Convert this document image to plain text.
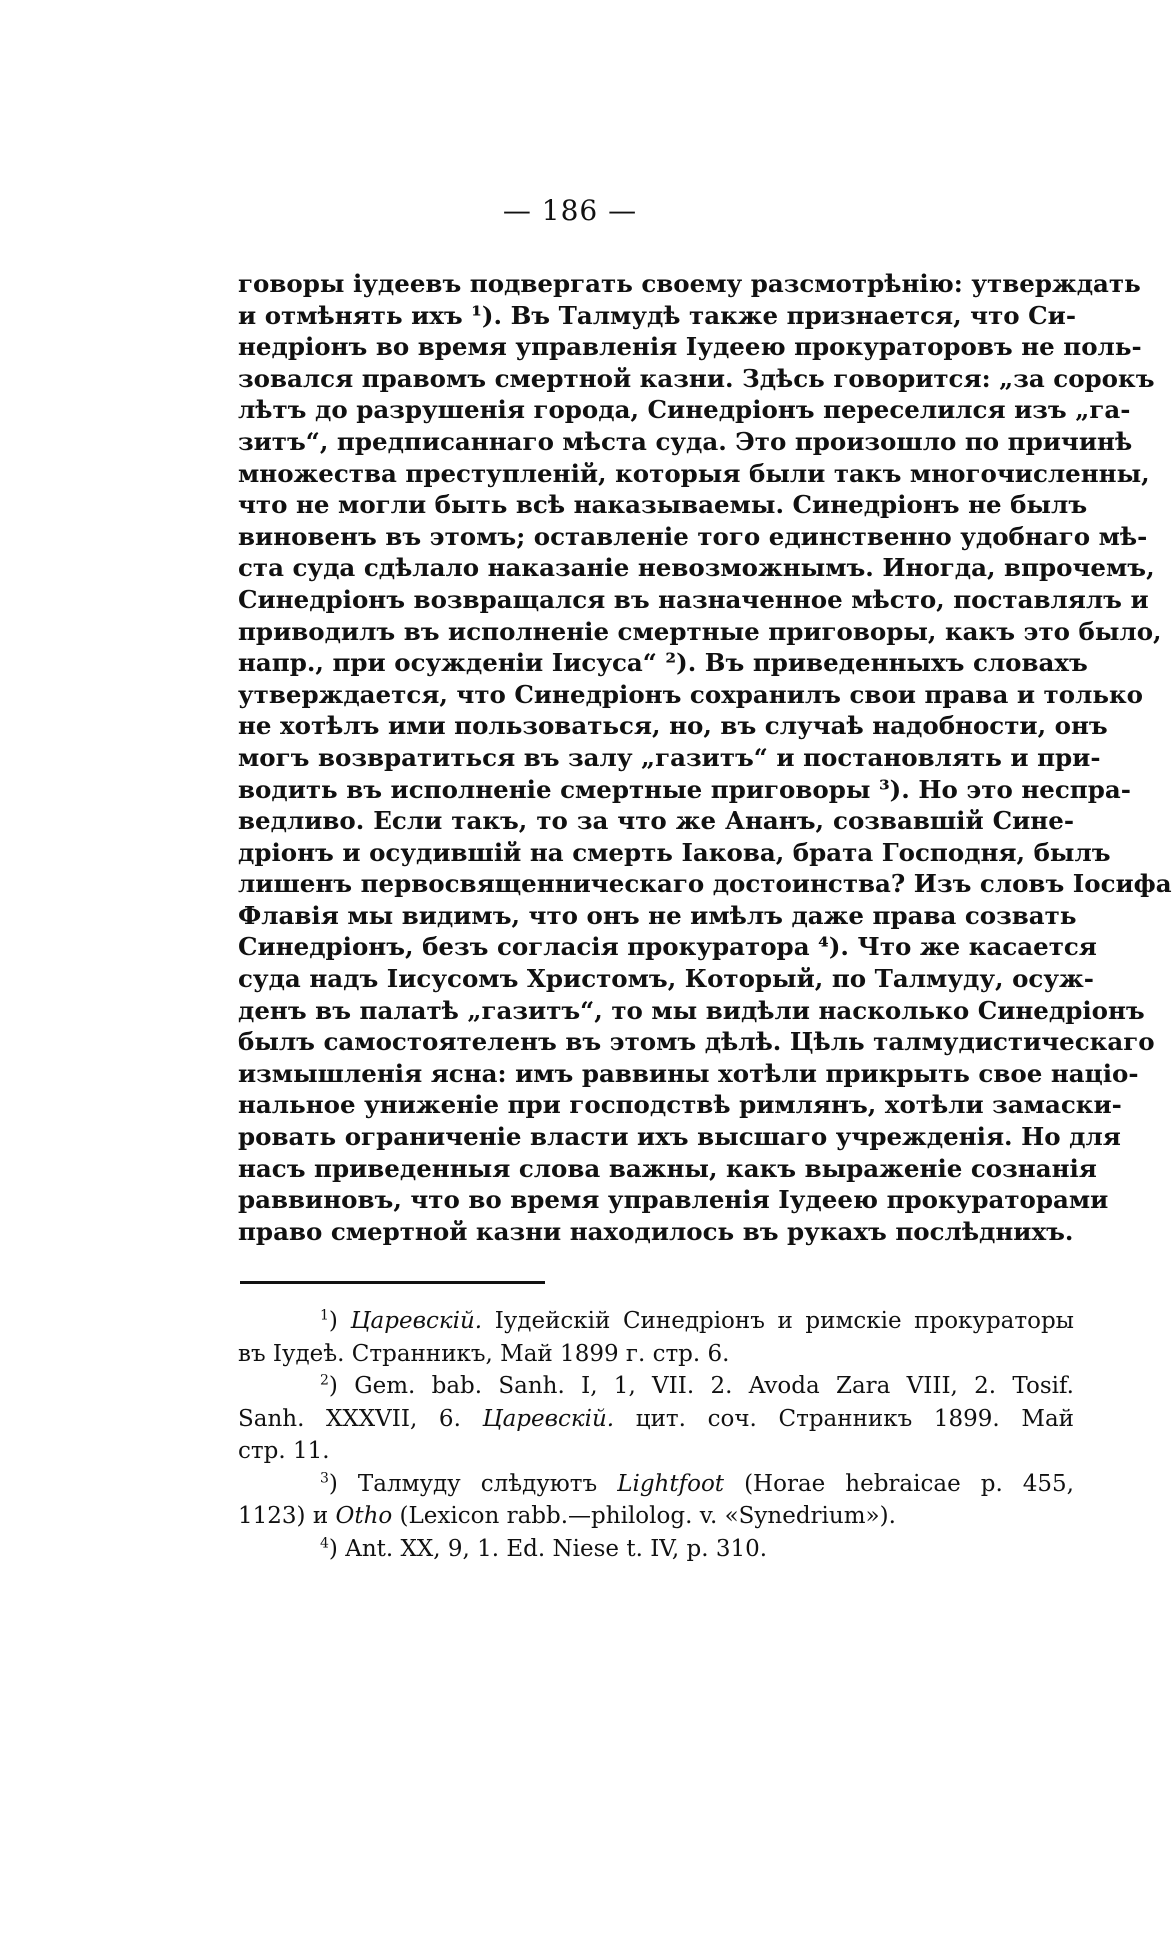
— 186 —
говоры іудеевъ подвергать своему разсмотрѣнію: утверждать
и отмѣнять ихъ ¹). Въ Талмудѣ также признается, что Си-
недріонъ во время управленія Іудеею прокураторовъ не поль-
зовался правомъ смертной казни. Здѣсь говорится: „за сорокъ
лѣтъ до разрушенія города, Синедріонъ переселился изъ „га-
зитъ“, предписаннаго мѣста суда. Это произошло по причинѣ
множества преступленій, которыя были такъ многочисленны,
что не могли быть всѣ наказываемы. Синедріонъ не былъ
виновенъ въ этомъ; оставленіе того единственно удобнаго мѣ-
ста суда сдѣлало наказаніе невозможнымъ. Иногда, впрочемъ,
Синедріонъ возвращался въ назначенное мѣсто, поставлялъ и
приводилъ въ исполненіе смертные приговоры, какъ это было,
напр., при осужденіи Іисуса“ ²). Въ приведенныхъ словахъ
утверждается, что Синедріонъ сохранилъ свои права и только
не хотѣлъ ими пользоваться, но, въ случаѣ надобности, онъ
могъ возвратиться въ залу „газитъ“ и постановлять и при-
водить въ исполненіе смертные приговоры ³). Но это неспра-
ведливо. Если такъ, то за что же Ананъ, созвавшій Сине-
дріонъ и осудившій на смерть Іакова, брата Господня, былъ
лишенъ первосвященническаго достоинства? Изъ словъ Іосифа
Флавія мы видимъ, что онъ не имѣлъ даже права созвать
Синедріонъ, безъ согласія прокуратора ⁴). Что же касается
суда надъ Іисусомъ Христомъ, Который, по Талмуду, осуж-
денъ въ палатѣ „газитъ“, то мы видѣли насколько Синедріонъ
былъ самостоятеленъ въ этомъ дѣлѣ. Цѣль талмудистическаго
измышленія ясна: имъ раввины хотѣли прикрыть свое націо-
нальное униженіе при господствѣ римлянъ, хотѣли замаски-
ровать ограниченіе власти ихъ высшаго учрежденія. Но для
насъ приведенныя слова важны, какъ выраженіе сознанія
раввиновъ, что во время управленія Іудеею прокураторами
право смертной казни находилось въ рукахъ послѣднихъ.
$^1$) Царевскій. Іудейскій Синедріонъ и римскіе прокураторы
въ Іудеѣ. Странникъ, Май 1899 г. стр. 6.
$^2$) Gem. bab. Sanh. I, 1, VII. 2. Avoda Zara VIII, 2. Tosif.
Sanh. XXXVII, 6. Царевскій. цит. соч. Странникъ 1899. Май
стр. 11.
$^3$) Талмуду слѣдуютъ Lightfoot (Horae hebraicae p. 455,
1123) и Otho (Lexicon rabb.—philolog. v. «Synedrium»).
$^4$) Ant. XX, 9, 1. Ed. Niese t. IV, p. 310.
